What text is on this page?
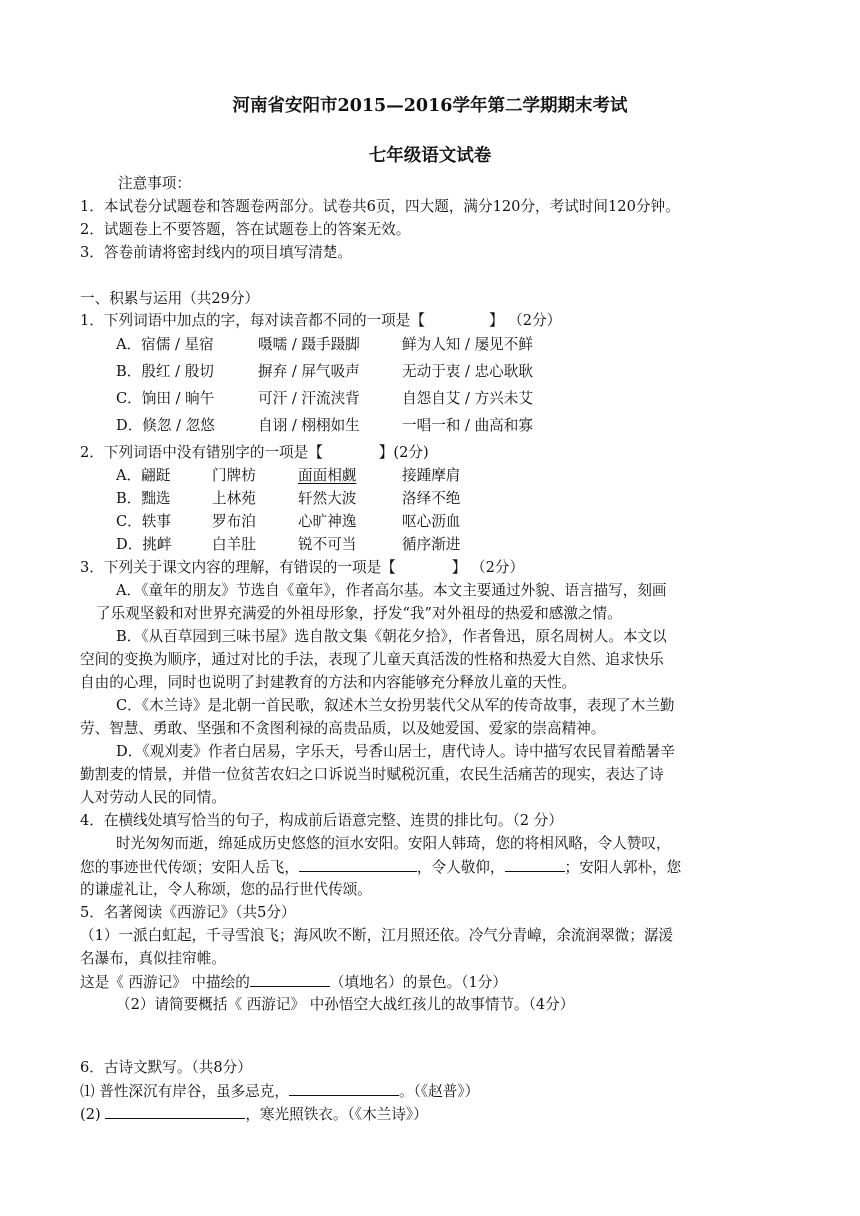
河南省安阳市2015—2016学年第二学期期末考试
七年级语文试卷
注意事项：
1．本试卷分试题卷和答题卷两部分。试卷共6页，四大题，满分120分，考试时间120分钟。
2．试题卷上不要答题，答在试题卷上的答案无效。
3．答卷前请将密封线内的项目填写清楚。
一、积累与运用（共29分）
1．下列词语中加点的字，每对读音都不同的一项是【	】 （2分）
A．宿儒 / 星宿	嗫嚅 / 蹑手蹑脚	鲜为人知 / 屡见不鲜
B．殷红 / 殷切	摒弃 / 屏气吸声	无动于衷 / 忠心耿耿
C．饷田 / 晌午	可汗 / 汗流浃背	自怨自艾 / 方兴未艾
D．倏忽 / 忽悠	自诩 / 栩栩如生	一唱一和 / 曲高和寡
2．下列词语中没有错别字的一项是【	】(2分)
A．翩跹	门牌枋	面面相觑	接踵摩肩
B．黜选	上林苑	轩然大波	洛绎不绝
C．轶事	罗布泊	心旷神逸	呕心沥血
D．挑衅	白羊肚	锐不可当	循序渐进
3．下列关于课文内容的理解，有错误的一项是【	】 （2分）
A．《童年的朋友》节选自《童年》，作者高尔基。本文主要通过外貌、语言描写，刻画
了乐观坚毅和对世界充满爱的外祖母形象，抒发“我”对外祖母的热爱和感激之情。
B．《从百草园到三味书屋》选自散文集《朝花夕拾》，作者鲁迅，原名周树人。本文以
空间的变换为顺序，通过对比的手法，表现了儿童天真活泼的性格和热爱大自然、追求快乐
自由的心理，同时也说明了封建教育的方法和内容能够充分释放儿童的天性。
C．《木兰诗》是北朝一首民歌，叙述木兰女扮男装代父从军的传奇故事，表现了木兰勤
劳、智慧、勇敢、坚强和不贪图利禄的高贵品质，以及她爱国、爱家的崇高精神。
D．《观刈麦》作者白居易，字乐天，号香山居士，唐代诗人。诗中描写农民冒着酷暑辛
勤割麦的情景，并借一位贫苦农妇之口诉说当时赋税沉重，农民生活痛苦的现实，表达了诗
人对劳动人民的同情。
4．在横线处填写恰当的句子，构成前后语意完整、连贯的排比句。（2 分）
时光匆匆而逝，绵延成历史悠悠的洹水安阳。安阳人韩琦，您的将相风略，令人赞叹，
您的事迹世代传颂；安阳人岳飞，	，令人敬仰，	；安阳人郭朴，您
的谦虚礼让，令人称颂，您的品行世代传颂。
5．名著阅读《西游记》（共5分）
（1）一派白虹起，千寻雪浪飞；海风吹不断，江月照还依。冷气分青嶂，余流润翠微；潺湲
名瀑布，真似挂帘帷。
这是《 西游记》 中描绘的	（填地名）的景色。（1分）
（2）请简要概括《 西游记》 中孙悟空大战红孩儿的故事情节。（4分）
6．古诗文默写。（共8分）
⑴ 普性深沉有岸谷，虽多忌克，	。（《赵普》）
(2)	，寒光照铁衣。（《木兰诗》）
